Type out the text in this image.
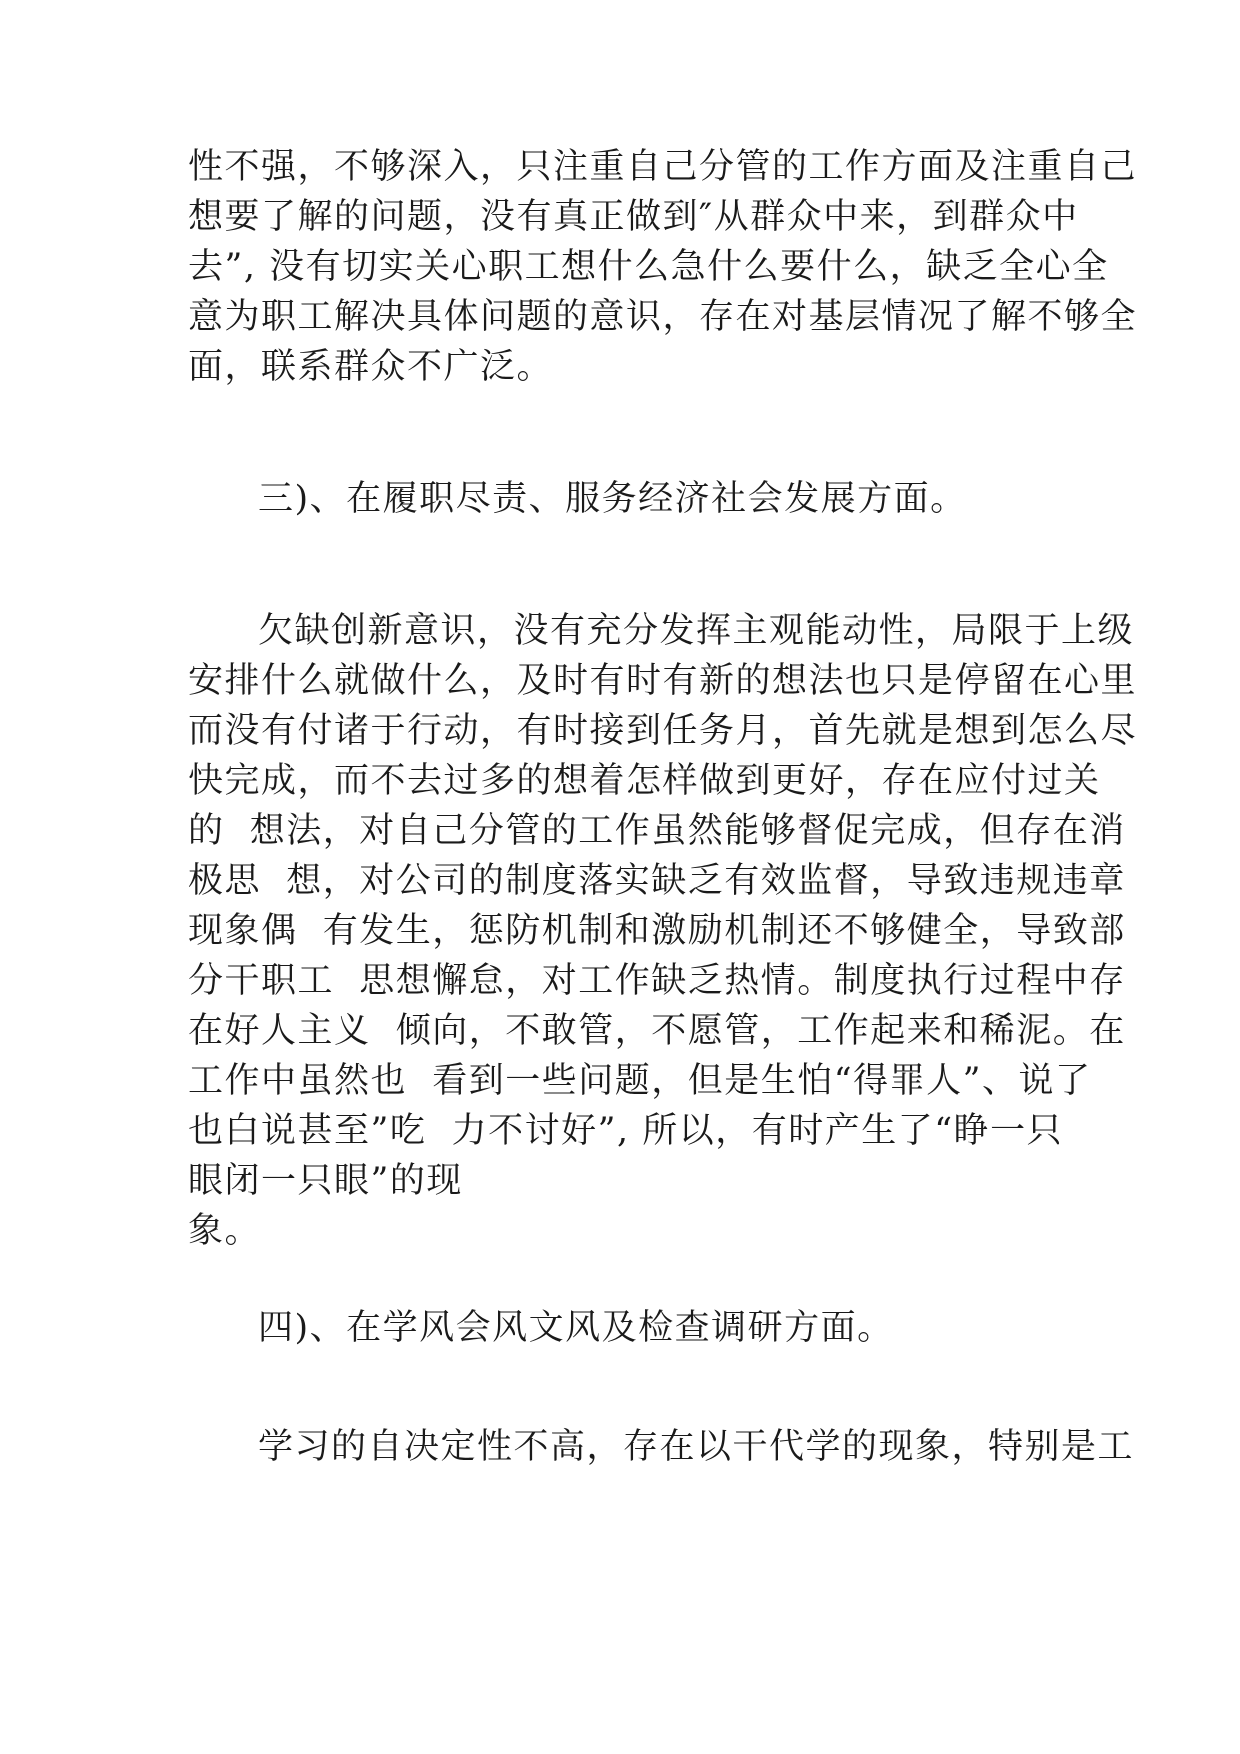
性不强，不够深入，只注重自己分管的工作方面及注重自己
想要了解的问题，没有真正做到″从群众中来，到群众中
去”, 没有切实关心职工想什么急什么要什么，缺乏全心全
意为职工解决具体问题的意识，存在对基层情况了解不够全
面，联系群众不广泛。
三)、在履职尽责、服务经济社会发展方面。
欠缺创新意识，没有充分发挥主观能动性，局限于上级
安排什么就做什么，及时有时有新的想法也只是停留在心里
而没有付诸于行动，有时接到任务月，首先就是想到怎么尽
快完成，而不去过多的想着怎样做到更好，存在应付过关
的  想法，对自己分管的工作虽然能够督促完成，但存在消
极思  想，对公司的制度落实缺乏有效监督，导致违规违章
现象偶  有发生，惩防机制和激励机制还不够健全，导致部
分干职工  思想懈怠，对工作缺乏热情。制度执行过程中存
在好人主义  倾向，不敢管，不愿管，工作起来和稀泥。在
工作中虽然也  看到一些问题，但是生怕“得罪人”、说了
也白说甚至”吃  力不讨好”, 所以，有时产生了“睁一只
眼闭一只眼”的现
象。
四)、在学风会风文风及检查调研方面。
学习的自决定性不高，存在以干代学的现象，特别是工
